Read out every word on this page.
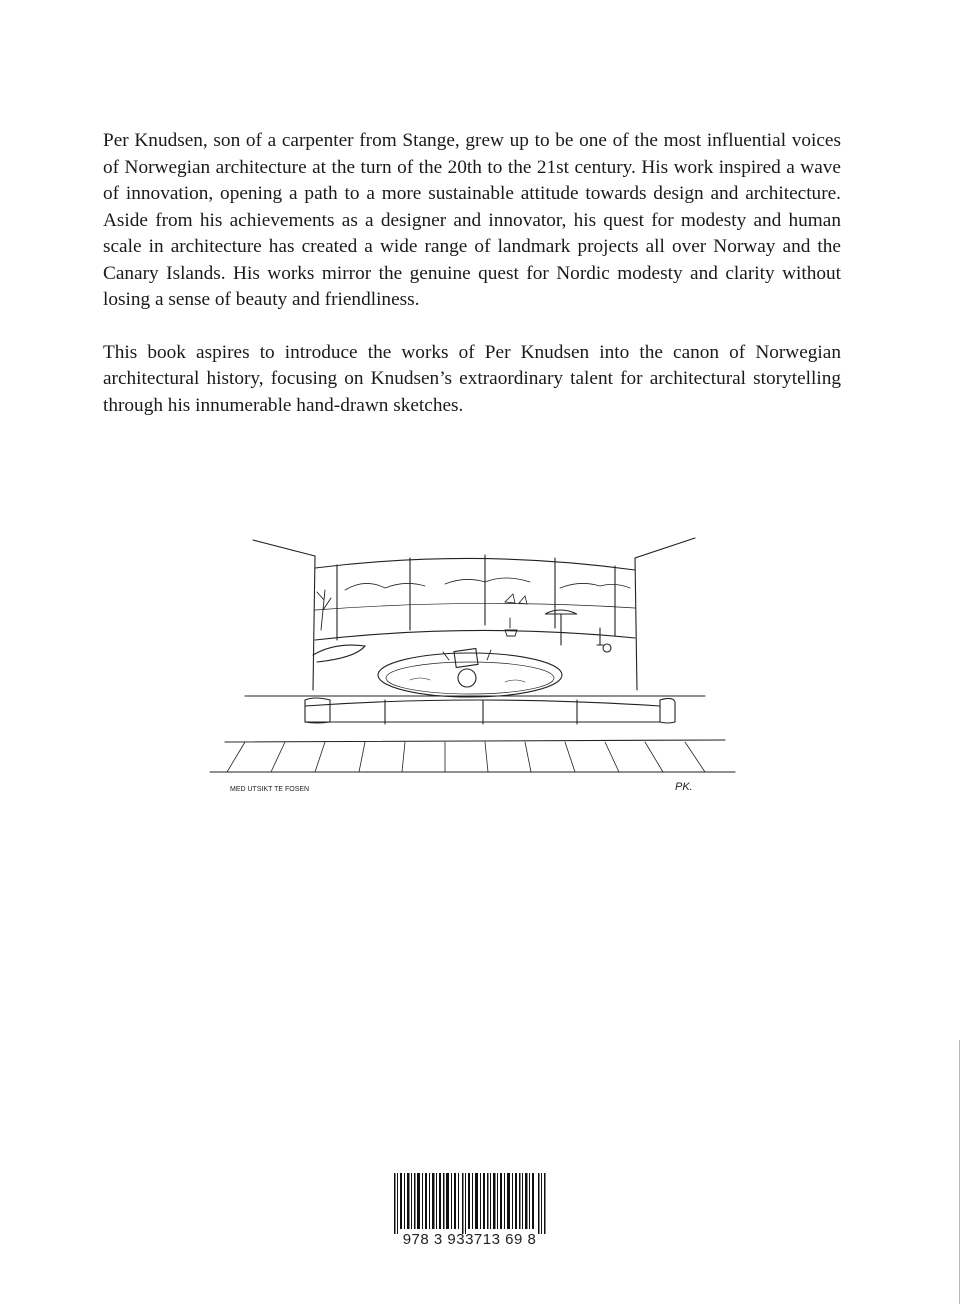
Per Knudsen, son of a carpenter from Stange, grew up to be one of the most influential voices of Norwegian architecture at the turn of the 20th to the 21st century. His work inspired a wave of innovation, opening a path to a more sustainable attitude towards design and architecture. Aside from his achievements as a designer and innovator, his quest for modesty and human scale in architecture has created a wide range of landmark projects all over Norway and the Canary Islands. His works mirror the genuine quest for Nordic modesty and clarity without losing a sense of beauty and friendliness.

This book aspires to introduce the works of Per Knudsen into the canon of Norwegian architectural history, focusing on Knudsen’s extraordinary talent for architectural storytelling through his innumerable hand-drawn sketches.

MED UTSIKT TE FOSEN	PK.
978 3 933713 69 8
